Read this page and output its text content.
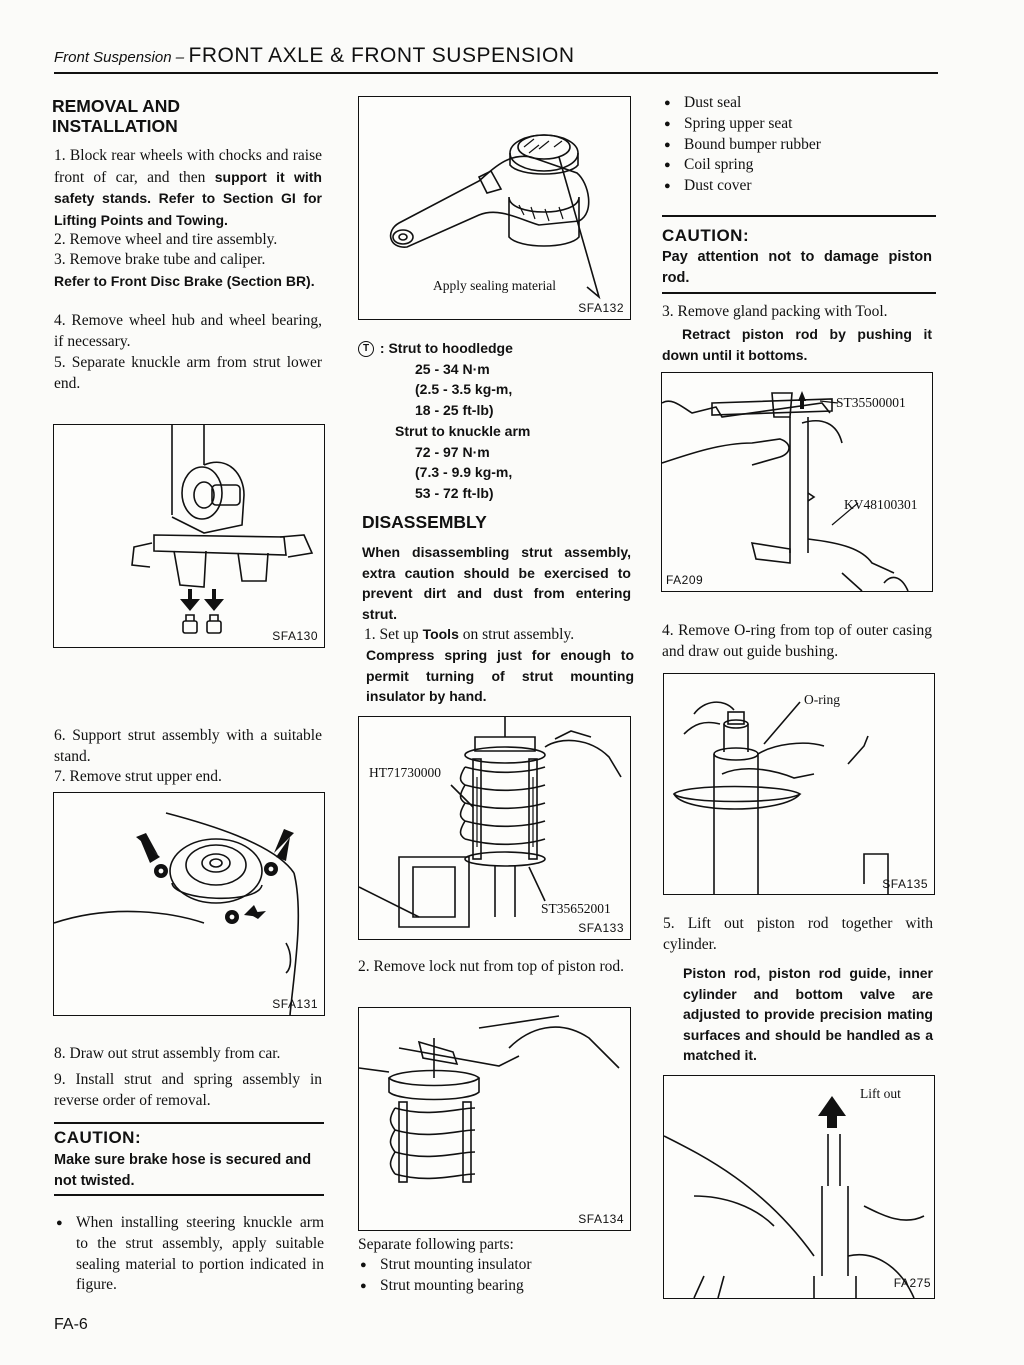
Front Suspension – FRONT AXLE & FRONT SUSPENSION
REMOVAL AND INSTALLATION
1. Block rear wheels with chocks and raise front of car, and then support it with safety stands. Refer to Section GI for Lifting Points and Towing.
2. Remove wheel and tire assembly.
3. Remove brake tube and caliper.
Refer to Front Disc Brake (Section BR).
4. Remove wheel hub and wheel bearing, if necessary.
5. Separate knuckle arm from strut lower end.
SFA130
6. Support strut assembly with a suitable stand.
7. Remove strut upper end.
SFA131
8. Draw out strut assembly from car.
9. Install strut and spring assembly in reverse order of removal.
CAUTION:
Make sure brake hose is secured and not twisted.
● When installing steering knuckle arm to the strut assembly, apply suitable sealing material to portion indicated in figure.
FA-6
Apply sealing material
SFA132
T : Strut to hoodledge
25 - 34 N·m
(2.5 - 3.5 kg-m,
18 - 25 ft-lb)
Strut to knuckle arm
72 - 97 N·m
(7.3 - 9.9 kg-m,
53 - 72 ft-lb)
DISASSEMBLY
When disassembling strut assembly, extra caution should be exercised to prevent dirt and dust from entering strut.
1. Set up Tools on strut assembly.
Compress spring just for enough to permit turning of strut mounting insulator by hand.
HT71730000
ST35652001
SFA133
2. Remove lock nut from top of piston rod.
SFA134
Separate following parts:
● Strut mounting insulator
● Strut mounting bearing
● Dust seal
● Spring upper seat
● Bound bumper rubber
● Coil spring
● Dust cover
CAUTION:
Pay attention not to damage piston rod.
3. Remove gland packing with Tool.
Retract piston rod by pushing it down until it bottoms.
ST35500001
KV48100301
FA209
4. Remove O-ring from top of outer casing and draw out guide bushing.
O-ring
SFA135
5. Lift out piston rod together with cylinder.
Piston rod, piston rod guide, inner cylinder and bottom valve are adjusted to provide precision mating surfaces and should be handled as a matched it.
Lift out
FA275
